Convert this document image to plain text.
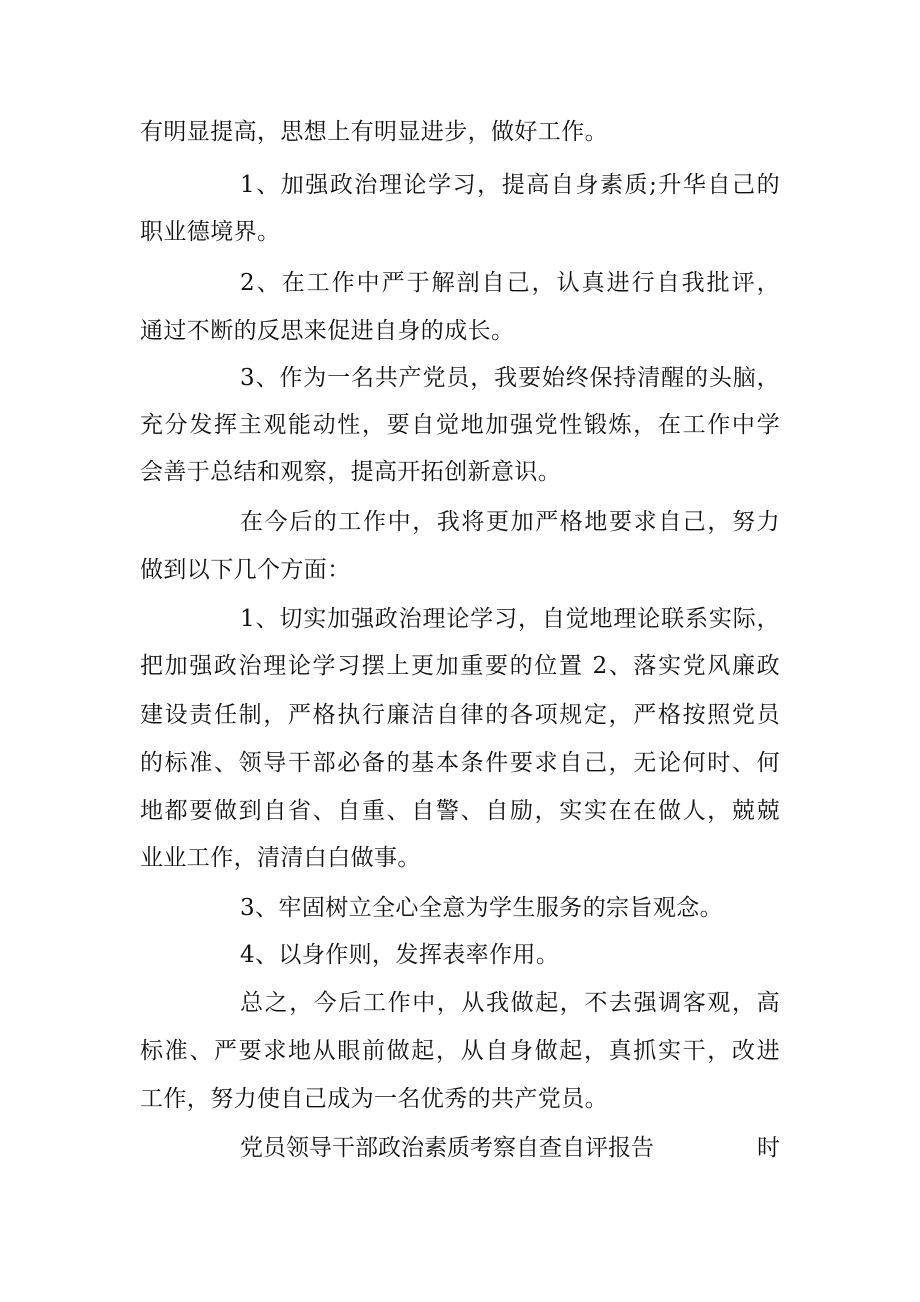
有明显提高，思想上有明显进步，做好工作。
1、加强政治理论学习，提高自身素质;升华自己的
职业德境界。
2、在工作中严于解剖自己，认真进行自我批评，
通过不断的反思来促进自身的成长。
3、作为一名共产党员，我要始终保持清醒的头脑，
充分发挥主观能动性，要自觉地加强党性锻炼，在工作中学
会善于总结和观察，提高开拓创新意识。
在今后的工作中，我将更加严格地要求自己，努力
做到以下几个方面：
1、切实加强政治理论学习，自觉地理论联系实际，
把加强政治理论学习摆上更加重要的位置 2、落实党风廉政
建设责任制，严格执行廉洁自律的各项规定，严格按照党员
的标准、领导干部必备的基本条件要求自己，无论何时、何
地都要做到自省、自重、自警、自励，实实在在做人，兢兢
业业工作，清清白白做事。
3、牢固树立全心全意为学生服务的宗旨观念。
4、以身作则，发挥表率作用。
总之，今后工作中，从我做起，不去强调客观，高
标准、严要求地从眼前做起，从自身做起，真抓实干，改进
工作，努力使自己成为一名优秀的共产党员。
党员领导干部政治素质考察自查自评报告	时
